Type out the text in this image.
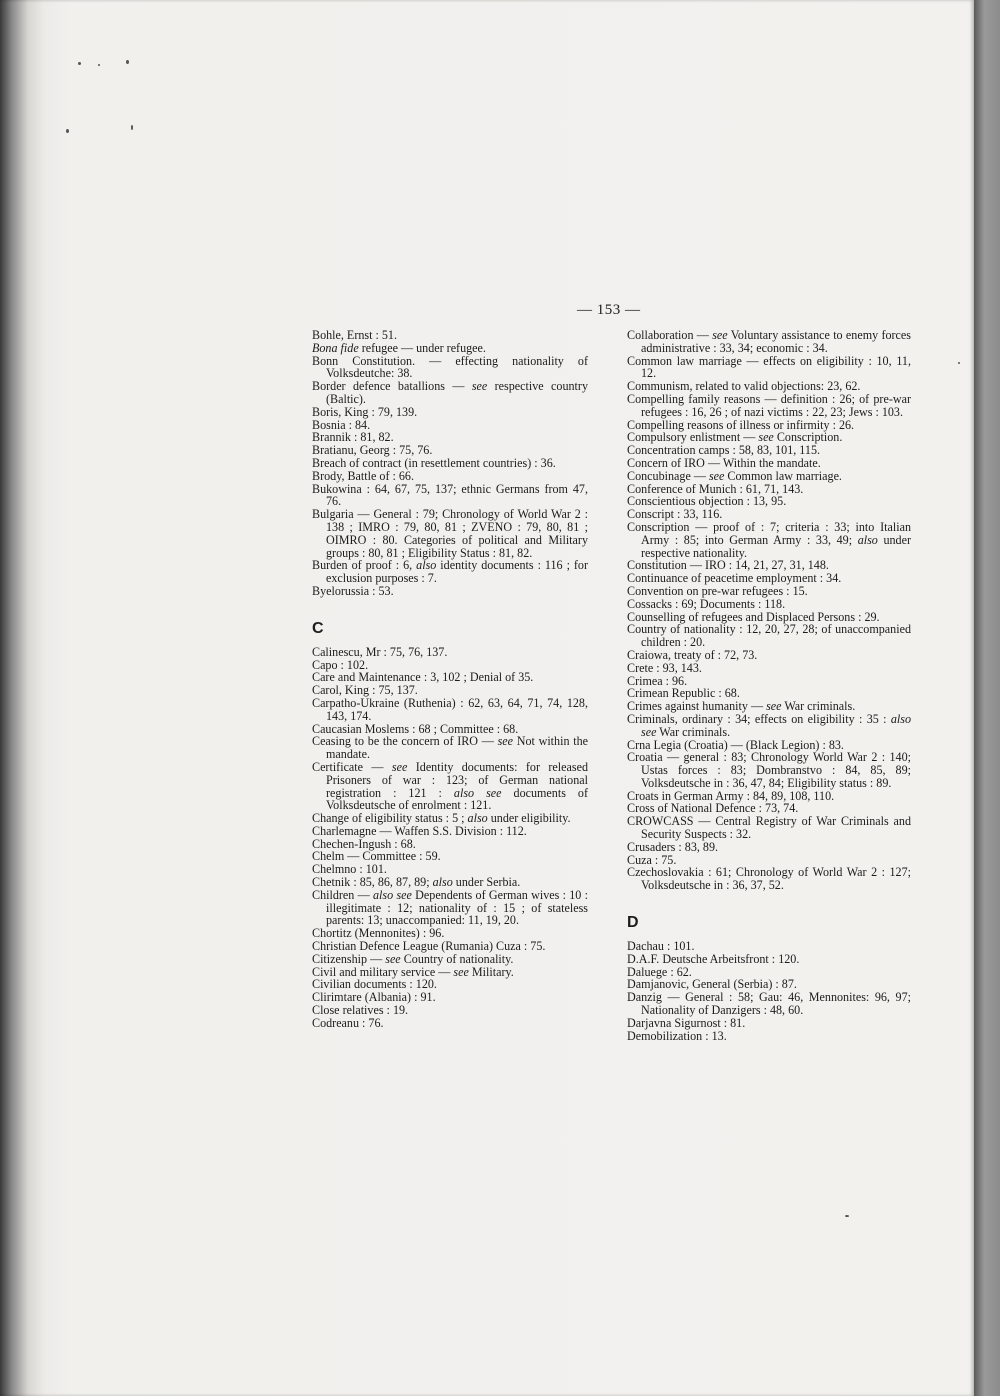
— 153 —

Bohle, Ernst : 51.

Bona fide refugee — under refugee.

Bonn Constitution. — effecting nationality of Volksdeutche: 38.

Border defence batallions — see respective country (Baltic).

Boris, King : 79, 139.

Bosnia : 84.

Brannik : 81, 82.

Bratianu, Georg : 75, 76.

Breach of contract (in resettlement countries) : 36.

Brody, Battle of : 66.

Bukowina : 64, 67, 75, 137; ethnic Germans from 47, 76.

Bulgaria — General : 79; Chronology of World War 2 : 138 ; IMRO : 79, 80, 81 ; ZVENO : 79, 80, 81 ; OIMRO : 80. Categories of political and Military groups : 80, 81 ; Eligibility Status : 81, 82.

Burden of proof : 6, also identity documents : 116 ; for exclusion purposes : 7.

Byelorussia : 53.

C

Calinescu, Mr : 75, 76, 137.

Capo : 102.

Care and Maintenance : 3, 102 ; Denial of 35.

Carol, King : 75, 137.

Carpatho-Ukraine (Ruthenia) : 62, 63, 64, 71, 74, 128, 143, 174.

Caucasian Moslems : 68 ; Committee : 68.

Ceasing to be the concern of IRO — see Not within the mandate.

Certificate — see Identity documents: for released Prisoners of war : 123; of German national registration : 121 : also see documents of Volksdeutsche of enrolment : 121.

Change of eligibility status : 5 ; also under eligibility.

Charlemagne — Waffen S.S. Division : 112.

Chechen-Ingush : 68.

Chelm — Committee : 59.

Chelmno : 101.

Chetnik : 85, 86, 87, 89; also under Serbia.

Children — also see Dependents of German wives : 10 : illegitimate : 12; nationality of : 15 ; of stateless parents: 13; unaccompanied: 11, 19, 20.

Chortitz (Mennonites) : 96.

Christian Defence League (Rumania) Cuza : 75.

Citizenship — see Country of nationality.

Civil and military service — see Military.

Civilian documents : 120.

Clirimtare (Albania) : 91.

Close relatives : 19.

Codreanu : 76.

Collaboration — see Voluntary assistance to enemy forces administrative : 33, 34; economic : 34.

Common law marriage — effects on eligibility : 10, 11, 12.

Communism, related to valid objections: 23, 62.

Compelling family reasons — definition : 26; of pre-war refugees : 16, 26 ; of nazi victims : 22, 23; Jews : 103.

Compelling reasons of illness or infirmity : 26.

Compulsory enlistment — see Conscription.

Concentration camps : 58, 83, 101, 115.

Concern of IRO — Within the mandate.

Concubinage — see Common law marriage.

Conference of Munich : 61, 71, 143.

Conscientious objection : 13, 95.

Conscript : 33, 116.

Conscription — proof of : 7; criteria : 33; into Italian Army : 85; into German Army : 33, 49; also under respective nationality.

Constitution — IRO : 14, 21, 27, 31, 148.

Continuance of peacetime employment : 34.

Convention on pre-war refugees : 15.

Cossacks : 69; Documents : 118.

Counselling of refugees and Displaced Persons : 29.

Country of nationality : 12, 20, 27, 28; of unaccompanied children : 20.

Craiowa, treaty of : 72, 73.

Crete : 93, 143.

Crimea : 96.

Crimean Republic : 68.

Crimes against humanity — see War criminals.

Criminals, ordinary : 34; effects on eligibility : 35 : also see War criminals.

Crna Legia (Croatia) — (Black Legion) : 83.

Croatia — general : 83; Chronology World War 2 : 140; Ustas forces : 83; Dombranstvo : 84, 85, 89; Volksdeutsche in : 36, 47, 84; Eligibility status : 89.

Croats in German Army : 84, 89, 108, 110.

Cross of National Defence : 73, 74.

CROWCASS — Central Registry of War Criminals and Security Suspects : 32.

Crusaders : 83, 89.

Cuza : 75.

Czechoslovakia : 61; Chronology of World War 2 : 127; Volksdeutsche in : 36, 37, 52.

D

Dachau : 101.

D.A.F. Deutsche Arbeitsfront : 120.

Daluege : 62.

Damjanovic, General (Serbia) : 87.

Danzig — General : 58; Gau: 46, Mennonites: 96, 97; Nationality of Danzigers : 48, 60.

Darjavna Sigurnost : 81.

Demobilization : 13.
